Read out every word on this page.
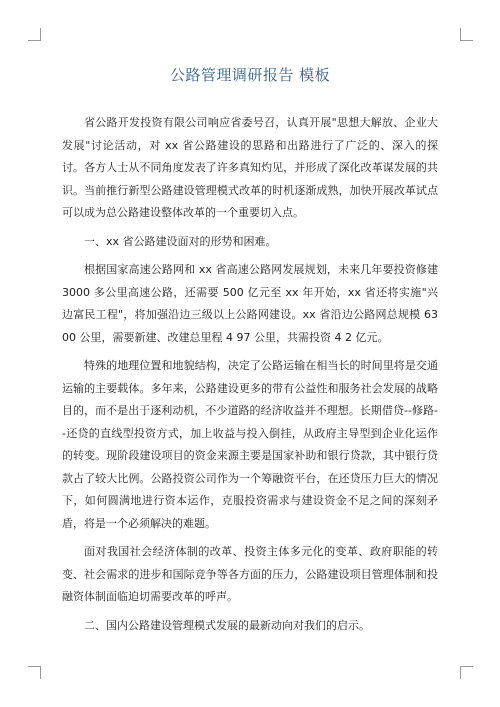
公路管理调研报告 模板

省公路开发投资有限公司响应省委号召，认真开展"思想大解放、企业大发展"讨论活动，对 xx 省公路建设的思路和出路进行了广泛的、深入的探讨。各方人士从不同角度发表了许多真知灼见，并形成了深化改革谋发展的共识。当前推行新型公路建设管理模式改革的时机逐渐成熟，加快开展改革试点可以成为总公路建设整体改革的一个重要切入点。

一、xx 省公路建设面对的形势和困难。

根据国家高速公路网和 xx 省高速公路网发展规划，未来几年要投资修建 3000 多公里高速公路，还需要 500 亿元至 xx 年开始，xx 省还将实施"兴边富民工程"，将加强沿边三级以上公路网建设。xx 省沿边公路网总规模 6300 公里，需要新建、改建总里程 4 97 公里，共需投资 4 2 亿元。

特殊的地理位置和地貌结构，决定了公路运输在相当长的时间里将是交通运输的主要载体。多年来，公路建设更多的带有公益性和服务社会发展的战略目的，而不是出于逐利动机，不少道路的经济收益并不理想。长期借贷--修路--还贷的直线型投资方式，加上收益与投入倒挂，从政府主导型到企业化运作的转变。现阶段建设项目的资金来源主要是国家补助和银行贷款，其中银行贷款占了较大比例。公路投资公司作为一个筹融资平台，在还贷压力巨大的情况下，如何圆满地进行资本运作，克服投资需求与建设资金不足之间的深刻矛盾，将是一个必须解决的难题。

面对我国社会经济体制的改革、投资主体多元化的变革、政府职能的转变、社会需求的进步和国际竞争等各方面的压力，公路建设项目管理体制和投融资体制面临迫切需要改革的呼声。

二、国内公路建设管理模式发展的最新动向对我们的启示。
